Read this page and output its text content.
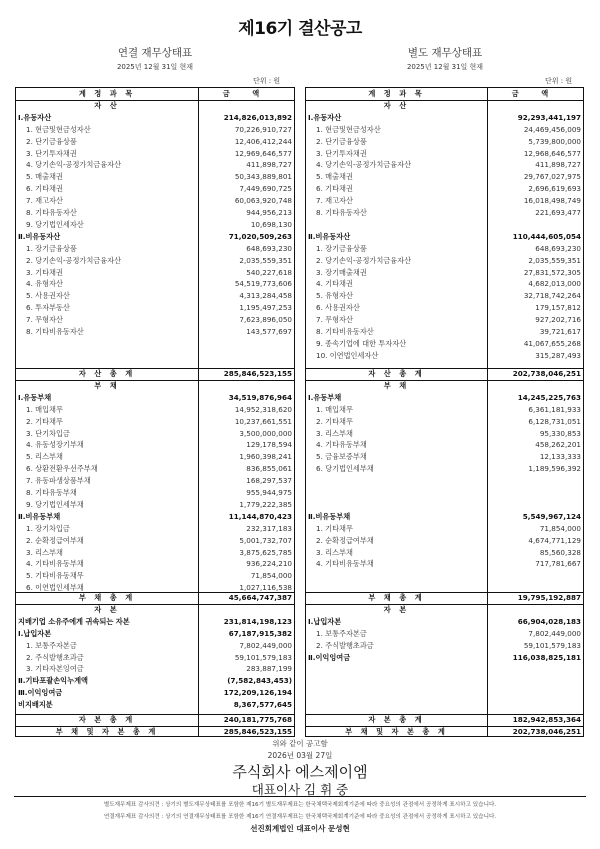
제16기 결산공고
연결 재무상태표
2025년 12월 31일 현재
단위 : 원
별도 재무상태표
2025년 12월 31일 현재
단위 : 원
계 정 과 목	금 액
자 산
Ⅰ.유동자산	214,826,013,892
1. 현금및현금성자산	70,226,910,727
2. 단기금융상품	12,406,412,244
3. 단기투자채권	12,969,646,577
4. 당기손익-공정가치금융자산	411,898,727
5. 매출채권	50,343,889,801
6. 기타채권	7,449,690,725
7. 재고자산	60,063,920,748
8. 기타유동자산	944,956,213
9. 당기법인세자산	10,698,130
Ⅱ.비유동자산	71,020,509,263
1. 장기금융상품	648,693,230
2. 당기손익-공정가치금융자산	2,035,559,351
3. 기타채권	540,227,618
4. 유형자산	54,519,773,606
5. 사용권자산	4,313,284,458
6. 투자부동산	1,195,497,253
7. 무형자산	7,623,896,050
8. 기타비유동자산	143,577,697
자 산 총 계	285,846,523,155
부 채
Ⅰ.유동부채	34,519,876,964
1. 매입채무	14,952,318,620
2. 기타채무	10,237,661,551
3. 단기차입금	3,500,000,000
4. 유동성장기부채	129,178,594
5. 리스부채	1,960,398,241
6. 상환전환우선주부채	836,855,061
7. 유동파생상품부채	168,297,537
8. 기타유동부채	955,944,975
9. 당기법인세부채	1,779,222,385
Ⅱ.비유동부채	11,144,870,423
1. 장기차입금	232,317,183
2. 순확정급여부채	5,001,732,707
3. 리스부채	3,875,625,785
4. 기타비유동부채	936,224,210
5. 기타비유동채무	71,854,000
6. 이연법인세부채	1,027,116,538
부 채 총 계	45,664,747,387
자 본
지배기업 소유주에게 귀속되는 자본	231,814,198,123
Ⅰ.납입자본	67,187,915,382
1. 보통주자본금	7,802,449,000
2. 주식발행초과금	59,101,579,183
3. 기타자본잉여금	283,887,199
Ⅱ.기타포괄손익누계액	(7,582,843,453)
Ⅲ.이익잉여금	172,209,126,194
비지배지분	8,367,577,645
자 본 총 계	240,181,775,768
부 채 및 자 본 총 계	285,846,523,155
계 정 과 목	금 액
자 산
Ⅰ.유동자산	92,293,441,197
1. 현금및현금성자산	24,469,456,009
2. 단기금융상품	5,739,800,000
3. 단기투자채권	12,968,646,577
4. 당기손익-공정가치금융자산	411,898,727
5. 매출채권	29,767,027,975
6. 기타채권	2,696,619,693
7. 재고자산	16,018,498,749
8. 기타유동자산	221,693,477
Ⅱ.비유동자산	110,444,605,054
1. 장기금융상품	648,693,230
2. 당기손익-공정가치금융자산	2,035,559,351
3. 장기매출채권	27,831,572,305
4. 기타채권	4,682,013,000
5. 유형자산	32,718,742,264
6. 사용권자산	179,157,812
7. 무형자산	927,202,716
8. 기타비유동자산	39,721,617
9. 종속기업에 대한 투자자산	41,067,655,268
10. 이연법인세자산	315,287,493
자 산 총 계	202,738,046,251
부 채
Ⅰ.유동부채	14,245,225,763
1. 매입채무	6,361,181,933
2. 기타채무	6,128,731,051
3. 리스부채	95,330,853
4. 기타유동부채	458,262,201
5. 금융보증부채	12,133,333
6. 당기법인세부채	1,189,596,392
Ⅱ.비유동부채	5,549,967,124
1. 기타채무	71,854,000
2. 순확정급여부채	4,674,771,129
3. 리스부채	85,560,328
4. 기타비유동부채	717,781,667
부 채 총 계	19,795,192,887
자 본
Ⅰ.납입자본	66,904,028,183
1. 보통주자본금	7,802,449,000
2. 주식발행초과금	59,101,579,183
Ⅱ.이익잉여금	116,038,825,181
자 본 총 계	182,942,853,364
부 채 및 자 본 총 계	202,738,046,251
위와 같이 공고함
2026년 03월 27일
주식회사 에스제이엠
대표이사 김 휘 중
별도재무제표 감사의견 : 상기의 별도재무상태표를 포함한 제16기 별도재무제표는 한국채택국제회계기준에 따라 중요성의 관점에서 공정하게 표시하고 있습니다.
연결재무제표 감사의견 : 상기의 연결재무상태표를 포함한 제16기 연결재무제표는 한국채택국제회계기준에 따라 중요성의 관점에서 공정하게 표시하고 있습니다.
선진회계법인 대표이사 문성현
